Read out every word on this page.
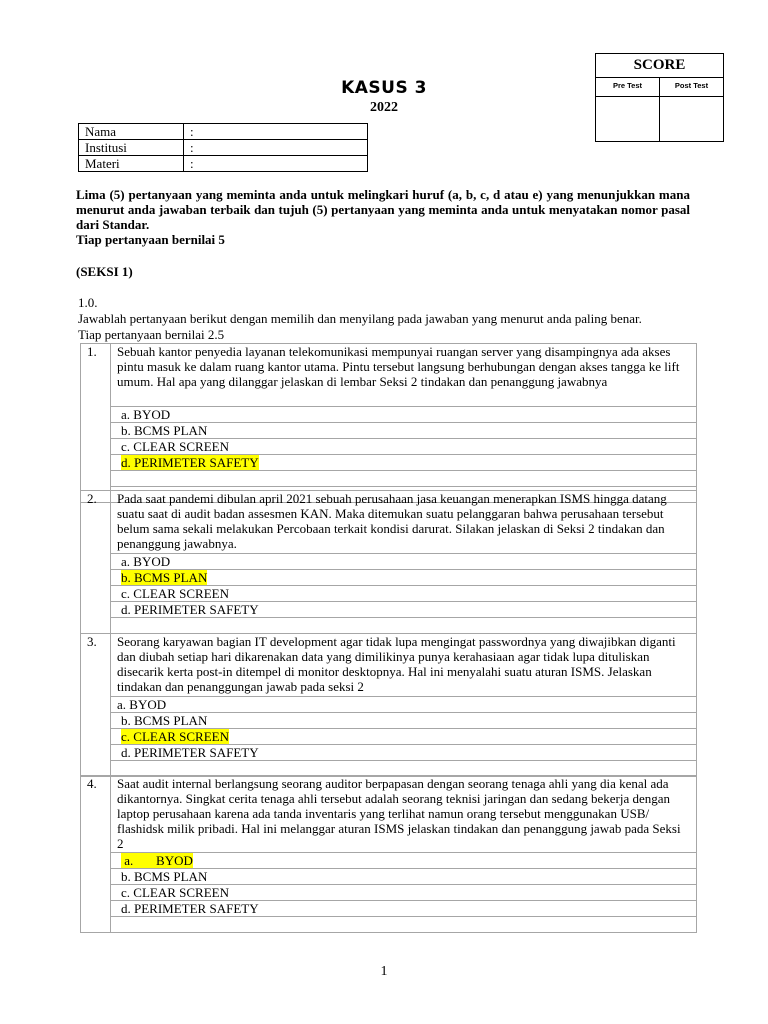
KASUS 3
2022
SCORE
Pre Test	Post Test
Nama	:
Institusi	:
Materi	:

Lima (5) pertanyaan yang meminta anda untuk melingkari huruf (a, b, c, d atau e) yang menunjukkan mana menurut anda jawaban terbaik dan tujuh (5) pertanyaan yang meminta anda untuk menyatakan nomor pasal dari Standar.

Tiap pertanyaan bernilai 5

(SEKSI 1)

1.0.

Jawablah pertanyaan berikut dengan memilih dan menyilang pada jawaban yang menurut anda paling benar.

Tiap pertanyaan bernilai 2.5

1.	Sebuah kantor penyedia layanan telekomunikasi mempunyai ruangan server yang disampingnya ada akses pintu masuk ke dalam ruang kantor utama. Pintu tersebut langsung berhubungan dengan akses tangga ke lift umum. Hal apa yang dilanggar jelaskan di lembar Seksi 2 tindakan dan penanggung jawabnya
a. BYOD
b. BCMS PLAN
c. CLEAR SCREEN
d. PERIMETER SAFETY

2.	Pada saat pandemi dibulan april 2021 sebuah perusahaan jasa keuangan menerapkan ISMS hingga datang suatu saat di audit badan assesmen KAN. Maka ditemukan suatu pelanggaran bahwa perusahaan tersebut belum sama sekali melakukan Percobaan terkait kondisi darurat. Silakan jelaskan di Seksi 2 tindakan dan penanggung jawabnya.
a. BYOD
b. BCMS PLAN
c. CLEAR SCREEN
d. PERIMETER SAFETY

3.	Seorang karyawan bagian IT development agar tidak lupa mengingat passwordnya yang diwajibkan diganti dan diubah setiap hari dikarenakan data yang dimilikinya punya kerahasiaan agar tidak lupa dituliskan disecarik kerta post-in ditempel di monitor desktopnya. Hal ini menyalahi suatu aturan ISMS. Jelaskan tindakan dan penanggungan jawab pada seksi 2
a. BYOD
b. BCMS PLAN
c. CLEAR SCREEN
d. PERIMETER SAFETY

4.	Saat audit internal berlangsung seorang auditor berpapasan dengan seorang tenaga ahli yang dia kenal ada dikantornya. Singkat cerita tenaga ahli tersebut adalah seorang teknisi jaringan dan sedang bekerja dengan laptop perusahaan karena ada tanda inventaris yang terlihat namun orang tersebut menggunakan USB/ flashidsk milik pribadi. Hal ini melanggar aturan ISMS jelaskan tindakan dan penanggung jawab pada Seksi 2
a.       BYOD
b. BCMS PLAN
c. CLEAR SCREEN
d. PERIMETER SAFETY

1
